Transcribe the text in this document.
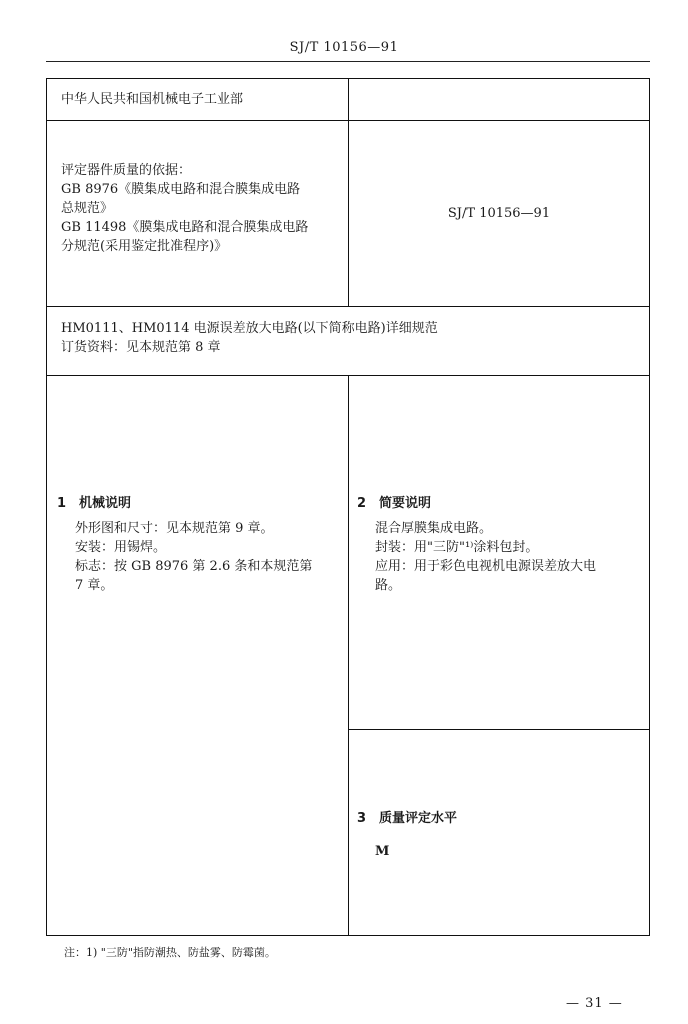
SJ/T 10156—91
中华人民共和国机械电子工业部
评定器件质量的依据：
GB 8976《膜集成电路和混合膜集成电路
总规范》
GB 11498《膜集成电路和混合膜集成电路
分规范(采用鉴定批准程序)》
SJ/T 10156—91
HM0111、HM0114 电源误差放大电路(以下简称电路)详细规范
订货资料：见本规范第 8 章
1 机械说明
外形图和尺寸：见本规范第 9 章。
安装：用锡焊。
标志：按 GB 8976 第 2.6 条和本规范第
7 章。
2 简要说明
混合厚膜集成电路。
封装：用"三防"¹⁾涂料包封。
应用：用于彩色电视机电源误差放大电
路。
3 质量评定水平
M
注：1) "三防"指防潮热、防盐雾、防霉菌。
— 31 —
